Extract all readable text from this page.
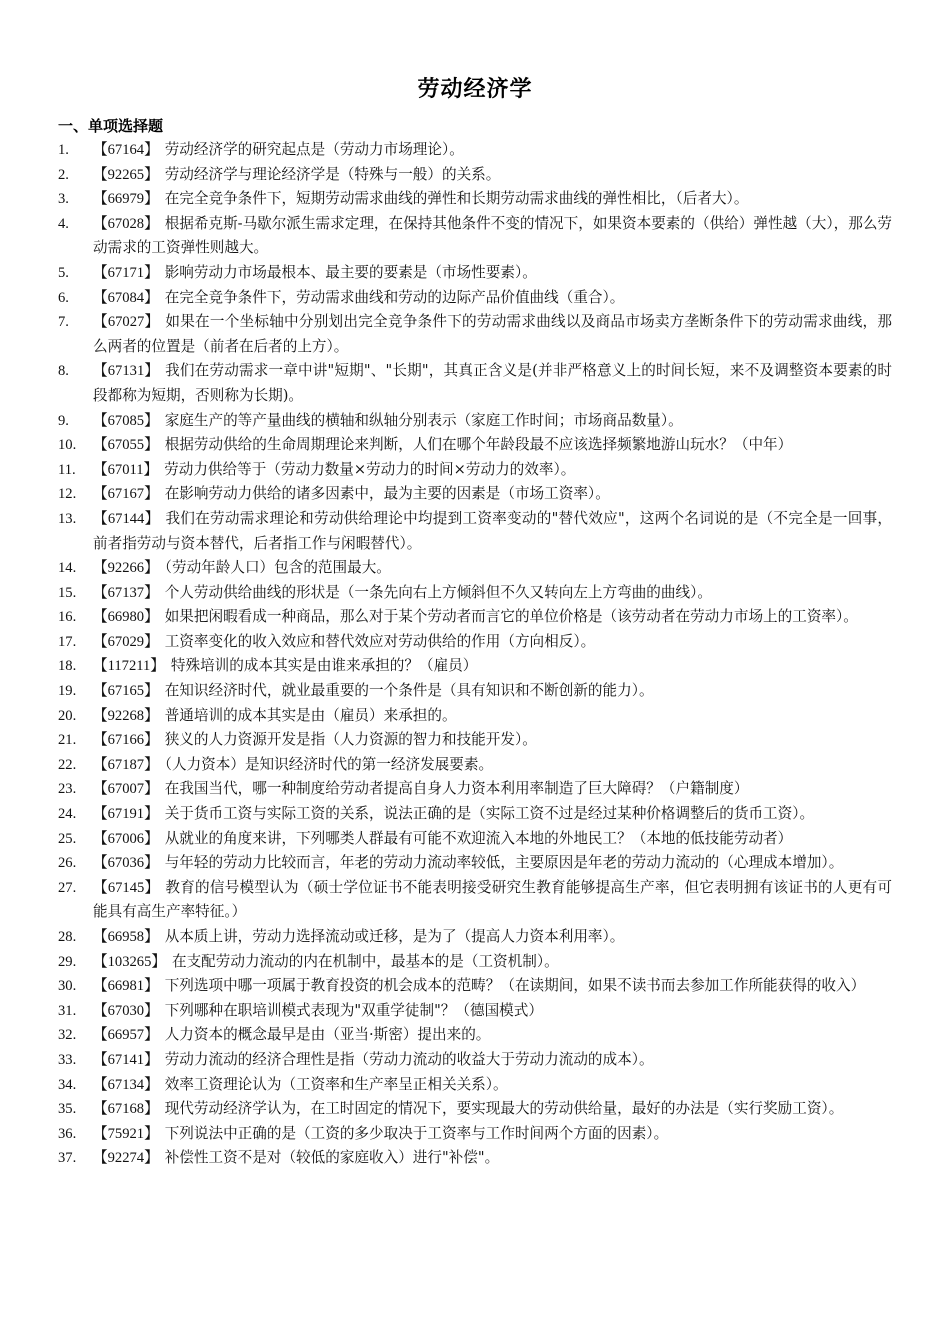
劳动经济学
一、单项选择题
1. 【67164】 劳动经济学的研究起点是（劳动力市场理论）。
2. 【92265】 劳动经济学与理论经济学是（特殊与一般）的关系。
3. 【66979】 在完全竞争条件下，短期劳动需求曲线的弹性和长期劳动需求曲线的弹性相比，（后者大）。
4. 【67028】 根据希克斯-马歇尔派生需求定理，在保持其他条件不变的情况下，如果资本要素的（供给）弹性越（大），那么劳动需求的工资弹性则越大。
5. 【67171】 影响劳动力市场最根本、最主要的要素是（市场性要素）。
6. 【67084】 在完全竞争条件下，劳动需求曲线和劳动的边际产品价值曲线（重合）。
7. 【67027】 如果在一个坐标轴中分别划出完全竞争条件下的劳动需求曲线以及商品市场卖方垄断条件下的劳动需求曲线，那么两者的位置是（前者在后者的上方）。
8. 【67131】 我们在劳动需求一章中讲"短期"、"长期"，其真正含义是(并非严格意义上的时间长短，来不及调整资本要素的时段都称为短期，否则称为长期)。
9. 【67085】 家庭生产的等产量曲线的横轴和纵轴分别表示（家庭工作时间；市场商品数量）。
10. 【67055】 根据劳动供给的生命周期理论来判断，人们在哪个年龄段最不应该选择频繁地游山玩水？（中年）
11. 【67011】 劳动力供给等于（劳动力数量×劳动力的时间×劳动力的效率）。
12. 【67167】 在影响劳动力供给的诸多因素中，最为主要的因素是（市场工资率）。
13. 【67144】 我们在劳动需求理论和劳动供给理论中均提到工资率变动的"替代效应"，这两个名词说的是（不完全是一回事，前者指劳动与资本替代，后者指工作与闲暇替代）。
14. 【92266】 （劳动年龄人口）包含的范围最大。
15. 【67137】 个人劳动供给曲线的形状是（一条先向右上方倾斜但不久又转向左上方弯曲的曲线）。
16. 【66980】 如果把闲暇看成一种商品，那么对于某个劳动者而言它的单位价格是（该劳动者在劳动力市场上的工资率）。
17. 【67029】 工资率变化的收入效应和替代效应对劳动供给的作用（方向相反）。
18. 【117211】 特殊培训的成本其实是由谁来承担的？（雇员）
19. 【67165】 在知识经济时代，就业最重要的一个条件是（具有知识和不断创新的能力）。
20. 【92268】 普通培训的成本其实是由（雇员）来承担的。
21. 【67166】 狭义的人力资源开发是指（人力资源的智力和技能开发）。
22. 【67187】 （人力资本）是知识经济时代的第一经济发展要素。
23. 【67007】 在我国当代，哪一种制度给劳动者提高自身人力资本利用率制造了巨大障碍？（户籍制度）
24. 【67191】 关于货币工资与实际工资的关系，说法正确的是（实际工资不过是经过某种价格调整后的货币工资）。
25. 【67006】 从就业的角度来讲，下列哪类人群最有可能不欢迎流入本地的外地民工？（本地的低技能劳动者）
26. 【67036】 与年轻的劳动力比较而言，年老的劳动力流动率较低，主要原因是年老的劳动力流动的（心理成本增加）。
27. 【67145】 教育的信号模型认为（硕士学位证书不能表明接受研究生教育能够提高生产率，但它表明拥有该证书的人更有可能具有高生产率特征。）
28. 【66958】 从本质上讲，劳动力选择流动或迁移，是为了（提高人力资本利用率）。
29. 【103265】 在支配劳动力流动的内在机制中，最基本的是（工资机制）。
30. 【66981】 下列选项中哪一项属于教育投资的机会成本的范畴？（在读期间，如果不读书而去参加工作所能获得的收入）
31. 【67030】 下列哪种在职培训模式表现为"双重学徒制"？（德国模式）
32. 【66957】 人力资本的概念最早是由（亚当·斯密）提出来的。
33. 【67141】 劳动力流动的经济合理性是指（劳动力流动的收益大于劳动力流动的成本）。
34. 【67134】 效率工资理论认为（工资率和生产率呈正相关关系）。
35. 【67168】 现代劳动经济学认为，在工时固定的情况下，要实现最大的劳动供给量，最好的办法是（实行奖励工资）。
36. 【75921】 下列说法中正确的是（工资的多少取决于工资率与工作时间两个方面的因素）。
37. 【92274】 补偿性工资不是对（较低的家庭收入）进行"补偿"。
